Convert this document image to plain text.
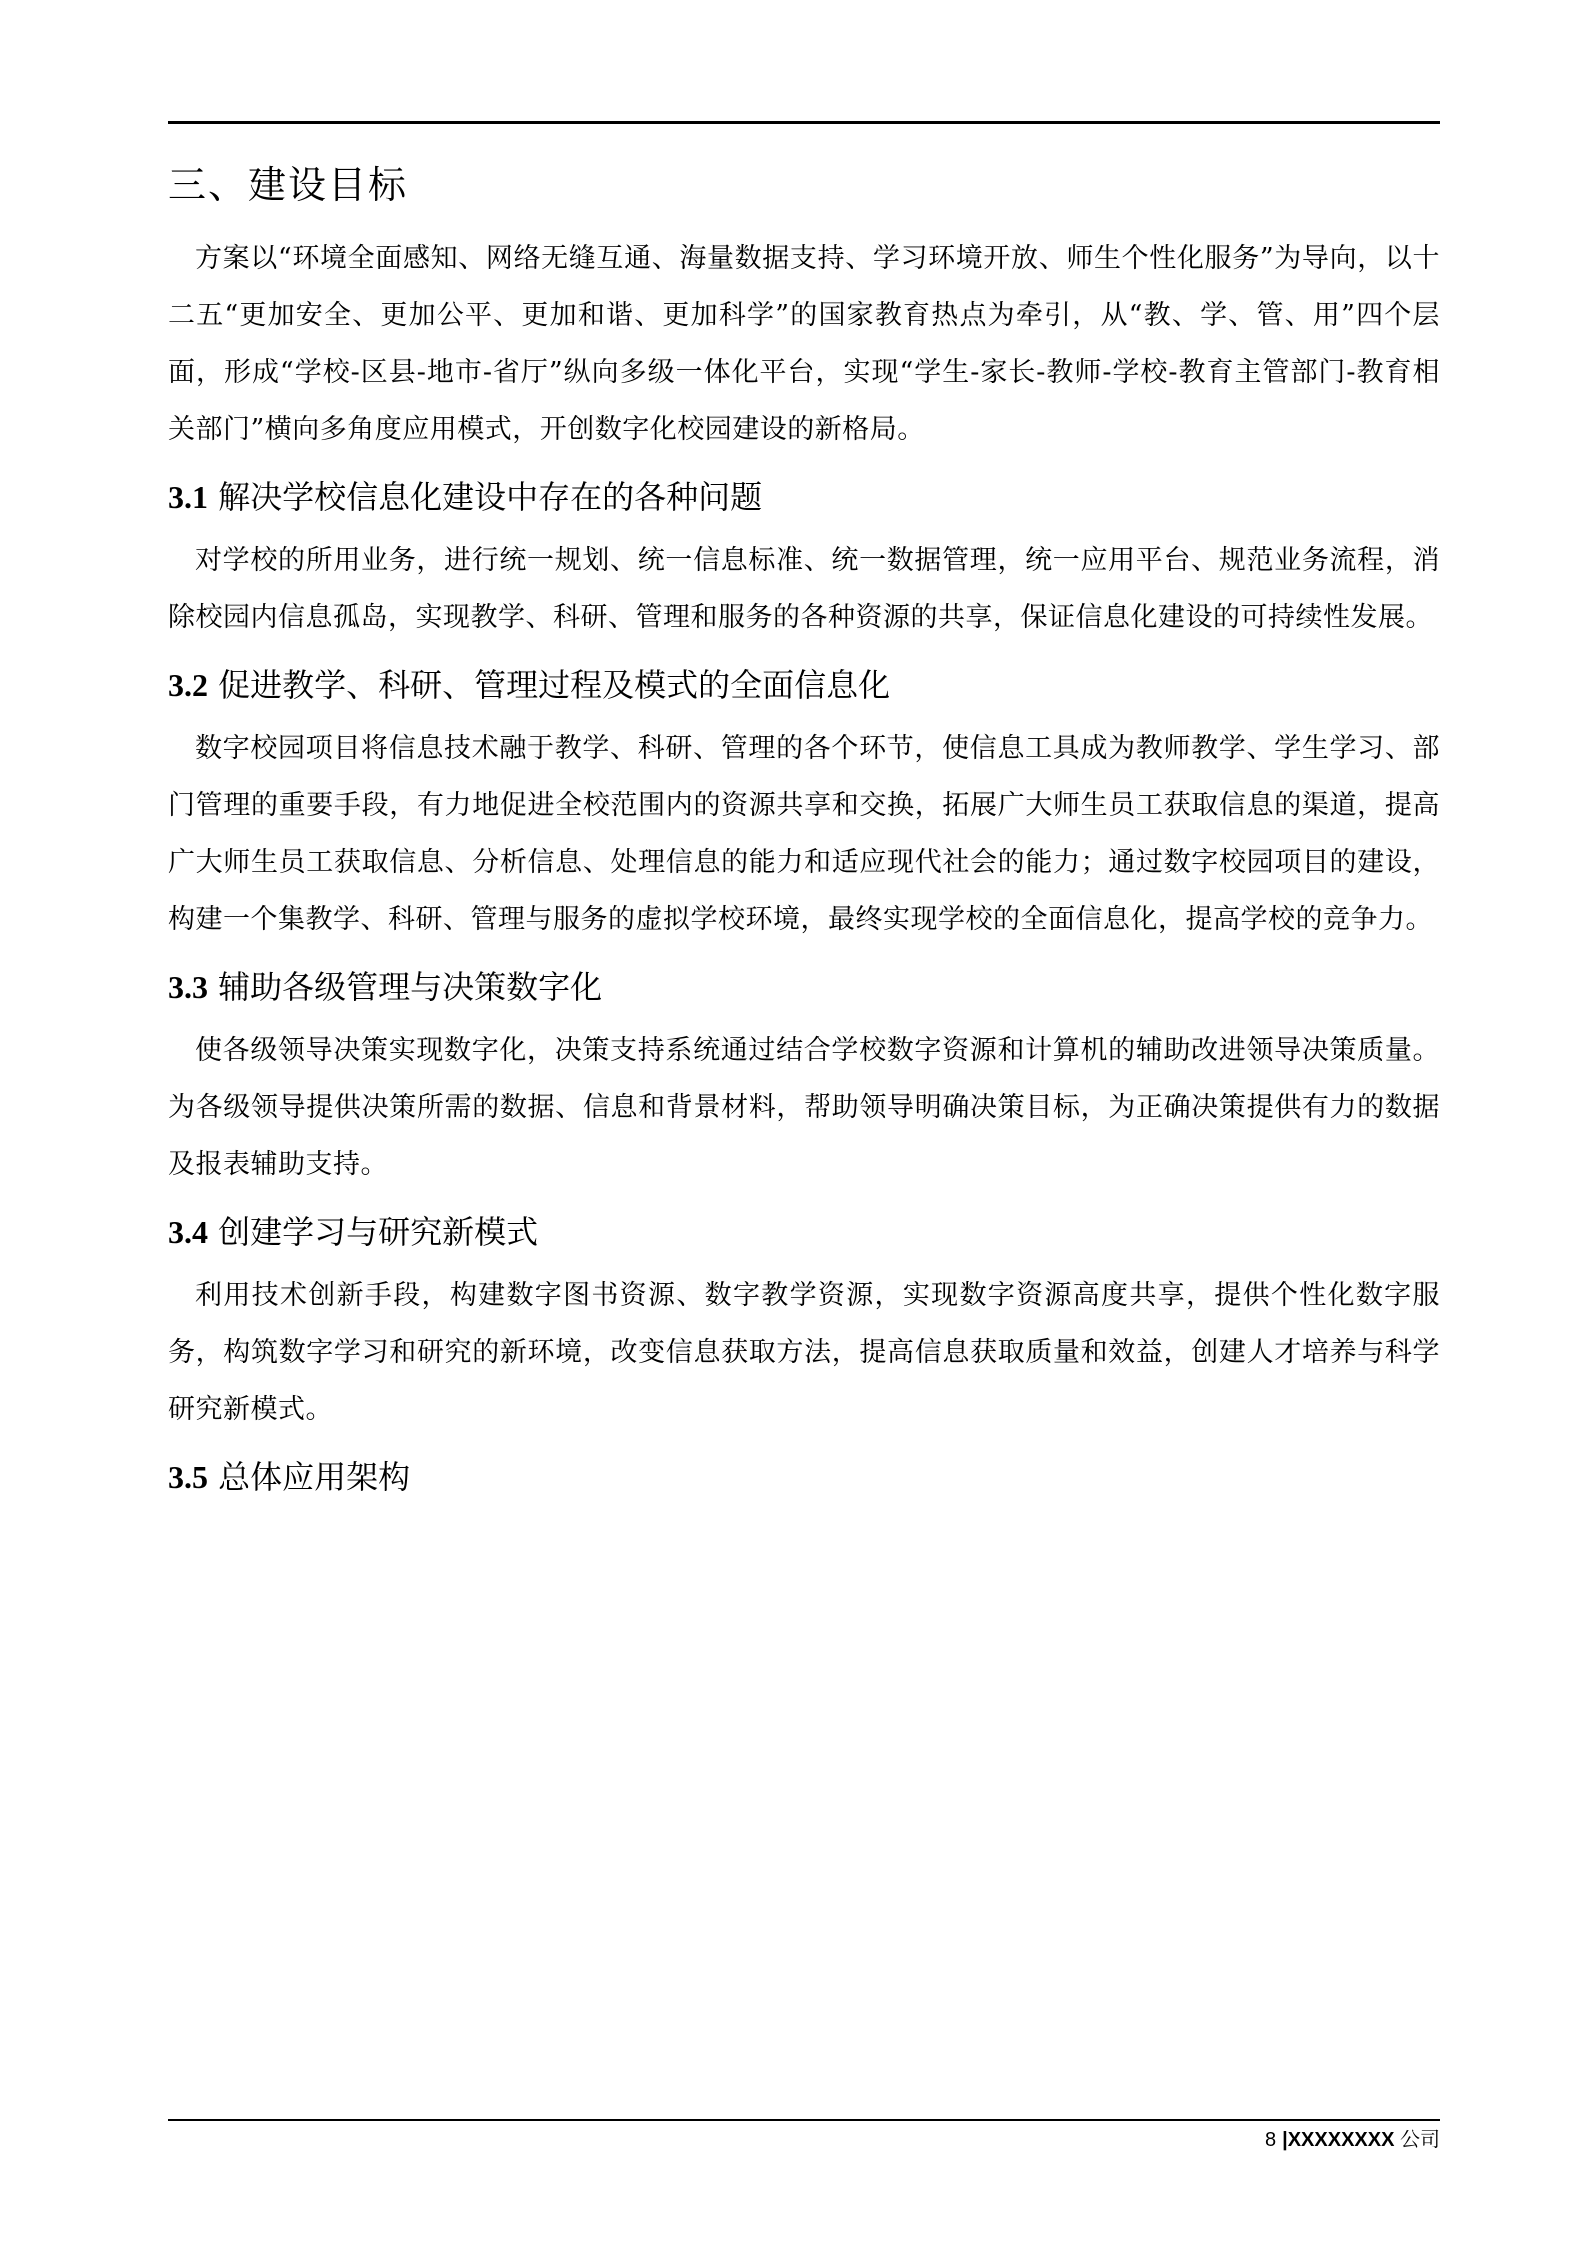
三、建设目标

方案以“环境全面感知、网络无缝互通、海量数据支持、学习环境开放、师生个性化服务”为导向，以十二五“更加安全、更加公平、更加和谐、更加科学”的国家教育热点为牵引，从“教、学、管、用”四个层面，形成“学校-区县-地市-省厅”纵向多级一体化平台，实现“学生-家长-教师-学校-教育主管部门-教育相关部门”横向多角度应用模式，开创数字化校园建设的新格局。

3.1 解决学校信息化建设中存在的各种问题

对学校的所用业务，进行统一规划、统一信息标准、统一数据管理，统一应用平台、规范业务流程，消除校园内信息孤岛，实现教学、科研、管理和服务的各种资源的共享，保证信息化建设的可持续性发展。

3.2 促进教学、科研、管理过程及模式的全面信息化

数字校园项目将信息技术融于教学、科研、管理的各个环节，使信息工具成为教师教学、学生学习、部门管理的重要手段，有力地促进全校范围内的资源共享和交换，拓展广大师生员工获取信息的渠道，提高广大师生员工获取信息、分析信息、处理信息的能力和适应现代社会的能力；通过数字校园项目的建设，构建一个集教学、科研、管理与服务的虚拟学校环境，最终实现学校的全面信息化，提高学校的竞争力。

3.3 辅助各级管理与决策数字化

使各级领导决策实现数字化，决策支持系统通过结合学校数字资源和计算机的辅助改进领导决策质量。为各级领导提供决策所需的数据、信息和背景材料，帮助领导明确决策目标，为正确决策提供有力的数据及报表辅助支持。

3.4 创建学习与研究新模式

利用技术创新手段，构建数字图书资源、数字教学资源，实现数字资源高度共享，提供个性化数字服务，构筑数字学习和研究的新环境，改变信息获取方法，提高信息获取质量和效益，创建人才培养与科学研究新模式。

3.5 总体应用架构
8 |XXXXXXXX 公司
